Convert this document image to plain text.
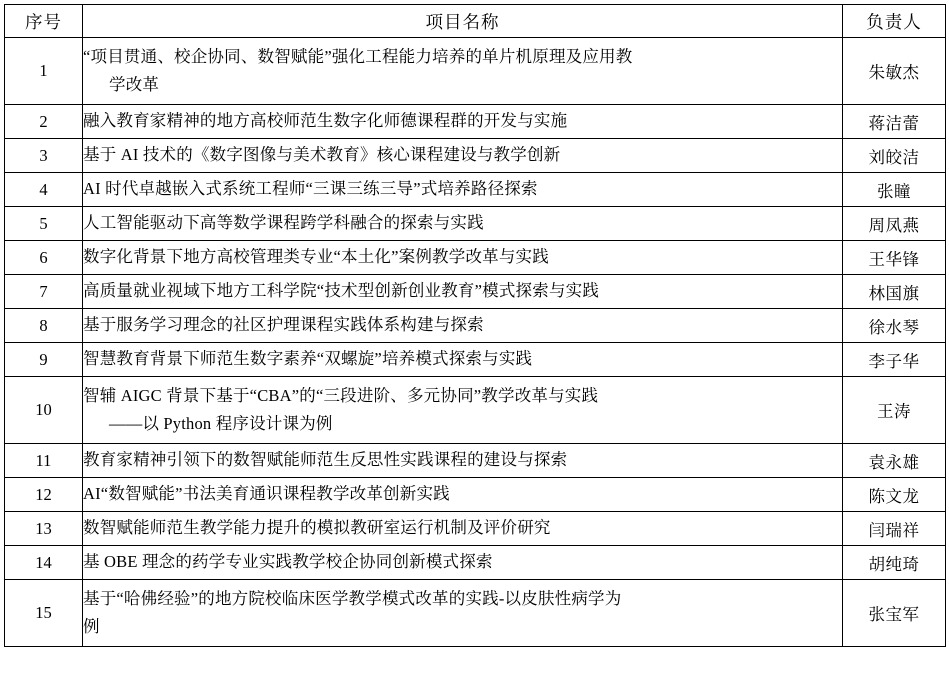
序号	项目名称	负责人
1	“项目贯通、校企协同、数智赋能”强化工程能力培养的单片机原理及应用教
学改革	朱敏杰
2	融入教育家精神的地方高校师范生数字化师德课程群的开发与实施	蒋洁蕾
3	基于 AI 技术的《数字图像与美术教育》核心课程建设与教学创新	刘皎洁
4	AI 时代卓越嵌入式系统工程师“三课三练三导”式培养路径探索	张瞳
5	人工智能驱动下高等数学课程跨学科融合的探索与实践	周凤燕
6	数字化背景下地方高校管理类专业“本土化”案例教学改革与实践	王华锋
7	高质量就业视域下地方工科学院“技术型创新创业教育”模式探索与实践	林国旗
8	基于服务学习理念的社区护理课程实践体系构建与探索	徐水琴
9	智慧教育背景下师范生数字素养“双螺旋”培养模式探索与实践	李子华
10	智辅 AIGC 背景下基于“CBA”的“三段进阶、多元协同”教学改革与实践
——以 Python 程序设计课为例	王涛
11	教育家精神引领下的数智赋能师范生反思性实践课程的建设与探索	袁永雄
12	AI“数智赋能”书法美育通识课程教学改革创新实践	陈文龙
13	数智赋能师范生教学能力提升的模拟教研室运行机制及评价研究	闫瑞祥
14	基 OBE 理念的药学专业实践教学校企协同创新模式探索	胡纯琦
15	基于“哈佛经验”的地方院校临床医学教学模式改革的实践-以皮肤性病学为
例	张宝军
